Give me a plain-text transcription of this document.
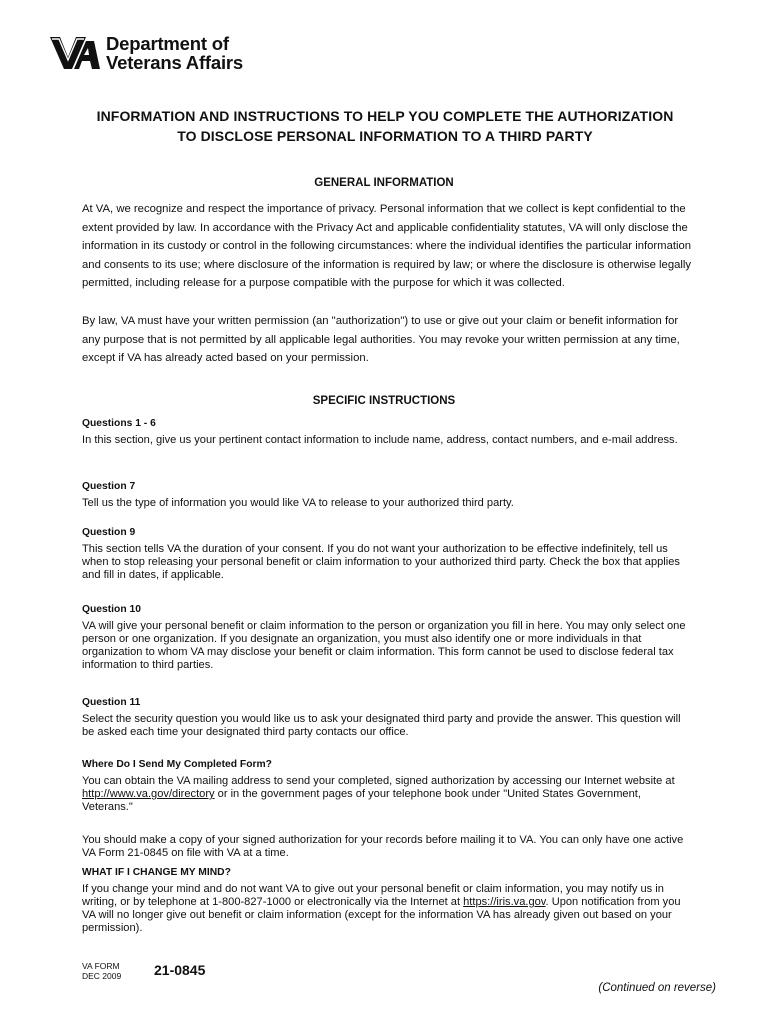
Department of
Veterans Affairs
INFORMATION AND INSTRUCTIONS TO HELP YOU COMPLETE THE AUTHORIZATION
TO DISCLOSE PERSONAL INFORMATION TO A THIRD PARTY
GENERAL INFORMATION

At VA, we recognize and respect the importance of privacy. Personal information that we collect is kept confidential to the extent provided by law. In accordance with the Privacy Act and applicable confidentiality statutes, VA will only disclose the information in its custody or control in the following circumstances: where the individual identifies the particular information and consents to its use; where disclosure of the information is required by law; or where the disclosure is otherwise legally permitted, including release for a purpose compatible with the purpose for which it was collected.

By law, VA must have your written permission (an "authorization") to use or give out your claim or benefit information for any purpose that is not permitted by all applicable legal authorities. You may revoke your written permission at any time, except if VA has already acted based on your permission.

SPECIFIC INSTRUCTIONS

Questions 1 - 6

In this section, give us your pertinent contact information to include name, address, contact numbers, and e-mail address.

Question 7

Tell us the type of information you would like VA to release to your authorized third party.

Question 9

This section tells VA the duration of your consent. If you do not want your authorization to be effective indefinitely, tell us when to stop releasing your personal benefit or claim information to your authorized third party. Check the box that applies and fill in dates, if applicable.

Question 10

VA will give your personal benefit or claim information to the person or organization you fill in here. You may only select one person or one organization. If you designate an organization, you must also identify one or more individuals in that organization to whom VA may disclose your benefit or claim information. This form cannot be used to disclose federal tax information to third parties.

Question 11

Select the security question you would like us to ask your designated third party and provide the answer. This question will be asked each time your designated third party contacts our office.

Where Do I Send My Completed Form?

You can obtain the VA mailing address to send your completed, signed authorization by accessing our Internet website at http://www.va.gov/directory or in the government pages of your telephone book under "United States Government, Veterans."

You should make a copy of your signed authorization for your records before mailing it to VA. You can only have one active VA Form 21-0845 on file with VA at a time.

WHAT IF I CHANGE MY MIND?

If you change your mind and do not want VA to give out your personal benefit or claim information, you may notify us in writing, or by telephone at 1-800-827-1000 or electronically via the Internet at https://iris.va.gov. Upon notification from you VA will no longer give out benefit or claim information (except for the information VA has already given out based on your permission).

VA FORM
DEC 2009 21-0845
(Continued on reverse)
